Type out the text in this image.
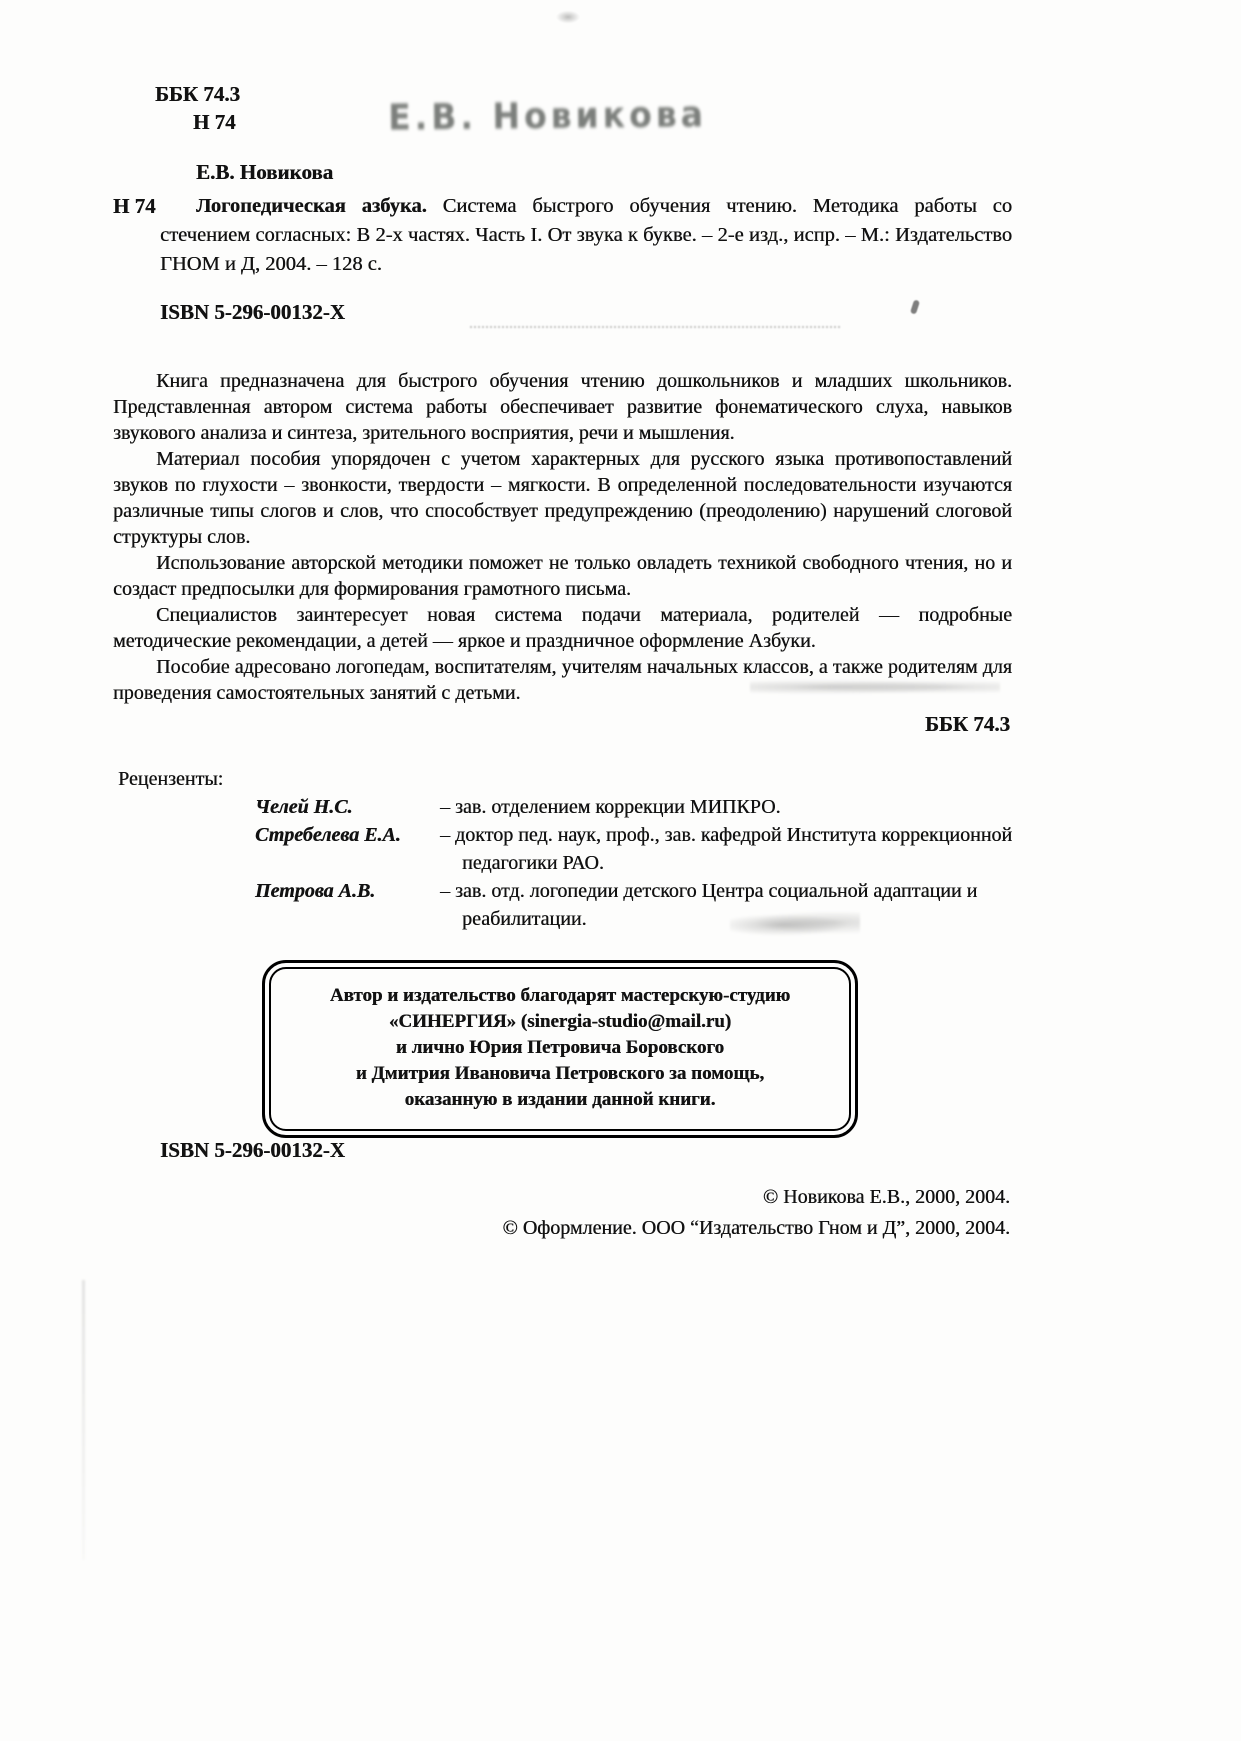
ББК 74.3
Н 74	Е.В. Новикова
Е.В. Новикова
Н 74	Логопедическая азбука. Система быстрого обучения чтению. Методика работы со стечением согласных: В 2-х частях. Часть I. От звука к букве. – 2-е изд., испр. – М.: Издательство ГНОМ и Д, 2004. – 128 с.

ISBN 5-296-00132-X

Книга предназначена для быстрого обучения чтению дошкольников и младших школьников. Представленная автором система работы обеспечивает развитие фонематического слуха, навыков звукового анализа и синтеза, зрительного восприятия, речи и мышления.

Материал пособия упорядочен с учетом характерных для русского языка противопоставлений звуков по глухости – звонкости, твердости – мягкости. В определенной последовательности изучаются различные типы слогов и слов, что способствует предупреждению (преодолению) нарушений слоговой структуры слов.

Использование авторской методики поможет не только овладеть техникой свободного чтения, но и создаст предпосылки для формирования грамотного письма.

Специалистов заинтересует новая система подачи материала, родителей — подробные методические рекомендации, а детей — яркое и праздничное оформление Азбуки.

Пособие адресовано логопедам, воспитателям, учителям начальных классов, а также родителям для проведения самостоятельных занятий с детьми.

ББК 74.3
Рецензенты:
Челей Н.С.	– зав. отделением коррекции МИПКРО.
Стребелева Е.А.	– доктор пед. наук, проф., зав. кафедрой Института коррекционной педагогики РАО.
Петрова А.В.	– зав. отд. логопедии детского Центра социальной адаптации и реабилитации.
Автор и издательство благодарят мастерскую-студию
«СИНЕРГИЯ» (sinergia-studio@mail.ru)
и лично Юрия Петровича Боровского
и Дмитрия Ивановича Петровского за помощь,
оказанную в издании данной книги.
ISBN 5-296-00132-X
© Новикова Е.В., 2000, 2004.
© Оформление. ООО “Издательство Гном и Д”, 2000, 2004.
